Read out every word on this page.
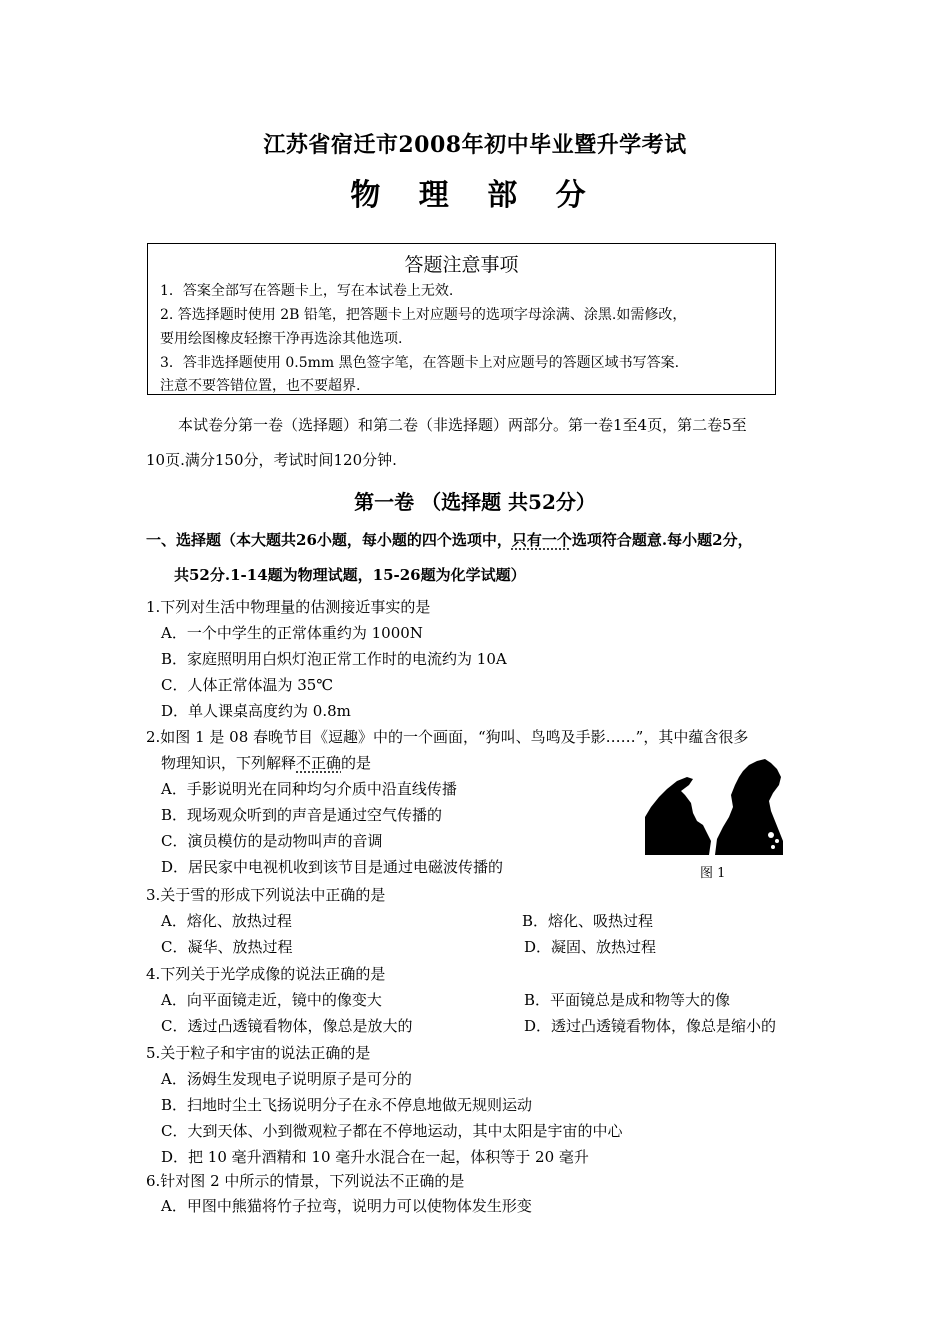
江苏省宿迁市2008年初中毕业暨升学考试
物 理 部 分
答题注意事项
1．答案全部写在答题卡上，写在本试卷上无效.
2. 答选择题时使用 2B 铅笔，把答题卡上对应题号的选项字母涂满、涂黑.如需修改，
要用绘图橡皮轻擦干净再选涂其他选项.
3．答非选择题使用 0.5mm 黑色签字笔，在答题卡上对应题号的答题区域书写答案.
注意不要答错位置，也不要超界.
本试卷分第一卷（选择题）和第二卷（非选择题）两部分。第一卷1至4页，第二卷5至
10页.满分150分，考试时间120分钟.
第一卷 （选择题 共52分）
一、选择题（本大题共26小题，每小题的四个选项中，只有一个选项符合题意.每小题2分，
共52分.1-14题为物理试题，15-26题为化学试题）
1.下列对生活中物理量的估测接近事实的是
A．一个中学生的正常体重约为 1000N
B．家庭照明用白炽灯泡正常工作时的电流约为 10A
C．人体正常体温为 35℃
D．单人课桌高度约为 0.8m
2.如图 1 是 08 春晚节目《逗趣》中的一个画面，“狗叫、鸟鸣及手影……”，其中蕴含很多
物理知识，下列解释不正确的是
A．手影说明光在同种均匀介质中沿直线传播
B．现场观众听到的声音是通过空气传播的
C．演员模仿的是动物叫声的音调
D．居民家中电视机收到该节目是通过电磁波传播的	图 1
3.关于雪的形成下列说法中正确的是
A．熔化、放热过程	B．熔化、吸热过程
C．凝华、放热过程	D．凝固、放热过程
4.下列关于光学成像的说法正确的是
A．向平面镜走近，镜中的像变大	B．平面镜总是成和物等大的像
C．透过凸透镜看物体，像总是放大的	D．透过凸透镜看物体，像总是缩小的
5.关于粒子和宇宙的说法正确的是
A．汤姆生发现电子说明原子是可分的
B．扫地时尘土飞扬说明分子在永不停息地做无规则运动
C．大到天体、小到微观粒子都在不停地运动，其中太阳是宇宙的中心
D．把 10 毫升酒精和 10 毫升水混合在一起，体积等于 20 毫升
6.针对图 2 中所示的情景，下列说法不正确的是
A．甲图中熊猫将竹子拉弯，说明力可以使物体发生形变
